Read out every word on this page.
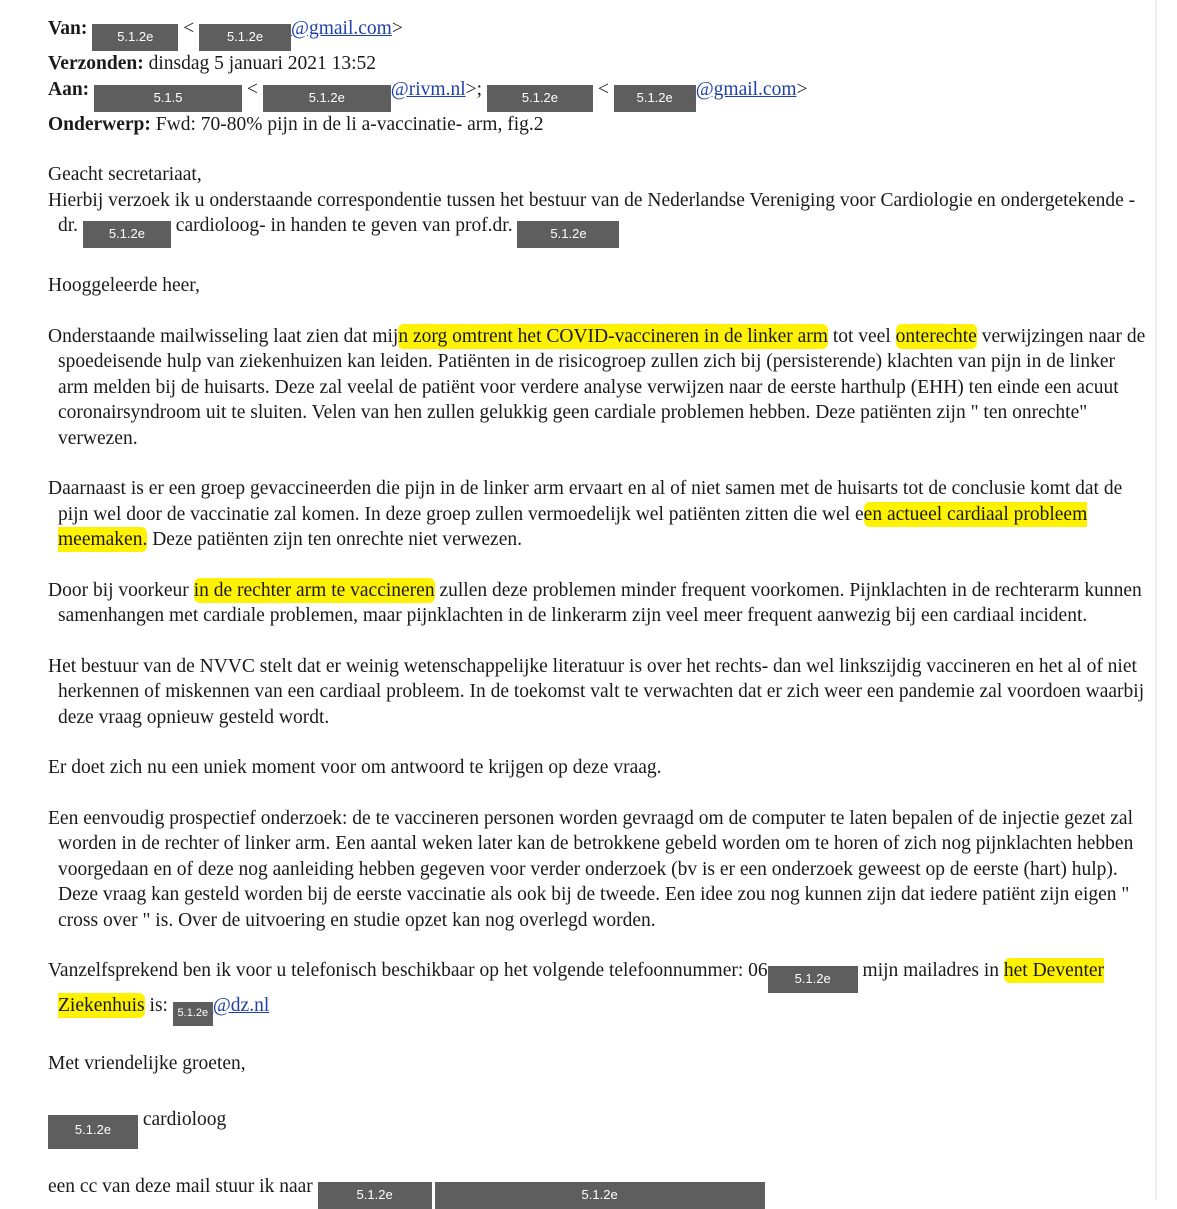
Van: 5.1.2e <	5.1.2e @gmail.com>
Verzonden: dinsdag 5 januari 2021 13:52
Aan:	5.1.5	<	5.1.2e @rivm.nl>;	5.1.2e < 5.1.2e @gmail.com>
Onderwerp: Fwd: 70-80% pijn in de li a-vaccinatie- arm, fig.2
Geacht secretariaat,
Hierbij verzoek ik u onderstaande correspondentie tussen het bestuur van de Nederlandse Vereniging voor Cardiologie en ondergetekende -dr. 5.1.2e cardioloog- in handen te geven van prof.dr.	5.1.2e
Hooggeleerde heer,
Onderstaande mailwisseling laat zien dat mijn zorg omtrent het COVID-vaccineren in de linker arm tot veel onterechte verwijzingen naar de spoedeisende hulp van ziekenhuizen kan leiden. Patiënten in de risicogroep zullen zich bij (persisterende) klachten van pijn in de linker arm melden bij de huisarts. Deze zal veelal de patiënt voor verdere analyse verwijzen naar de eerste harthulp (EHH) ten einde een acuut coronairsyndroom uit te sluiten. Velen van hen zullen gelukkig geen cardiale problemen hebben. Deze patiënten zijn " ten onrechte" verwezen.
Daarnaast is er een groep gevaccineerden die pijn in de linker arm ervaart en al of niet samen met de huisarts tot de conclusie komt dat de pijn wel door de vaccinatie zal komen. In deze groep zullen vermoedelijk wel patiënten zitten die wel een actueel cardiaal probleem meemaken. Deze patiënten zijn ten onrechte niet verwezen.
Door bij voorkeur in de rechter arm te vaccineren zullen deze problemen minder frequent voorkomen. Pijnklachten in de rechterarm kunnen samenhangen met cardiale problemen, maar pijnklachten in de linkerarm zijn veel meer frequent aanwezig bij een cardiaal incident.
Het bestuur van de NVVC stelt dat er weinig wetenschappelijke literatuur is over het rechts- dan wel linkszijdig vaccineren en het al of niet herkennen of miskennen van een cardiaal probleem. In de toekomst valt te verwachten dat er zich weer een pandemie zal voordoen waarbij deze vraag opnieuw gesteld wordt.
Er doet zich nu een uniek moment voor om antwoord te krijgen op deze vraag.
Een eenvoudig prospectief onderzoek: de te vaccineren personen worden gevraagd om de computer te laten bepalen of de injectie gezet zal worden in de rechter of linker arm. Een aantal weken later kan de betrokkene gebeld worden om te horen of zich nog pijnklachten hebben voorgedaan en of deze nog aanleiding hebben gegeven voor verder onderzoek (bv is er een onderzoek geweest op de eerste (hart) hulp). Deze vraag kan gesteld worden bij de eerste vaccinatie als ook bij de tweede. Een idee zou nog kunnen zijn dat iedere patiënt zijn eigen " cross over " is. Over de uitvoering en studie opzet kan nog overlegd worden.
Vanzelfsprekend ben ik voor u telefonisch beschikbaar op het volgende telefoonnummer: 06 5.1.2e mijn mailadres in het Deventer Ziekenhuis is: 5.1.2e @dz.nl
Met vriendelijke groeten,
5.1.2e cardioloog
een cc van deze mail stuur ik naar	5.1.2e	5.1.2e
